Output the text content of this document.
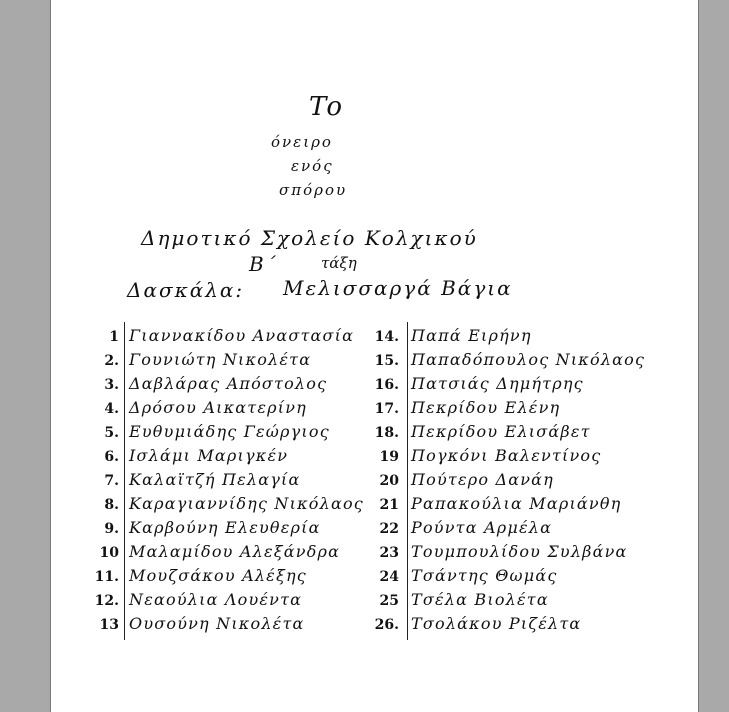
Το
όνειρο
ενός
σπόρου
Δημοτικό Σχολείο Κολχικού
Β΄	τάξη
Δασκάλα: Μελισσαργά Βάγια
1 Γιαννακίδου Αναστασία
2. Γουνιώτη Νικολέτα
3. Δαβλάρας Απόστολος
4. Δρόσου Αικατερίνη
5. Ευθυμιάδης Γεώργιος
6. Ισλάμι Μαριγκέν
7. Καλαϊτζή Πελαγία
8. Καραγιαννίδης Νικόλαος
9. Καρβούνη Ελευθερία
10 Μαλαμίδου Αλεξάνδρα
11. Μουζσάκου Αλέξης
12. Νεαούλια Λουέντα
13 Ουσούνη Νικολέτα
14. Παπά Ειρήνη
15. Παπαδόπουλος Νικόλαος
16. Πατσιάς Δημήτρης
17. Πεκρίδου Ελένη
18. Πεκρίδου Ελισάβετ
19 Πογκόνι Βαλεντίνος
20 Πούτερο Δανάη
21 Ραπακούλια Μαριάνθη
22 Ρούντα Αρμέλα
23 Τουμπουλίδου Συλβάνα
24 Τσάντης Θωμάς
25 Τσέλα Βιολέτα
26. Τσολάκου Ριζέλτα
